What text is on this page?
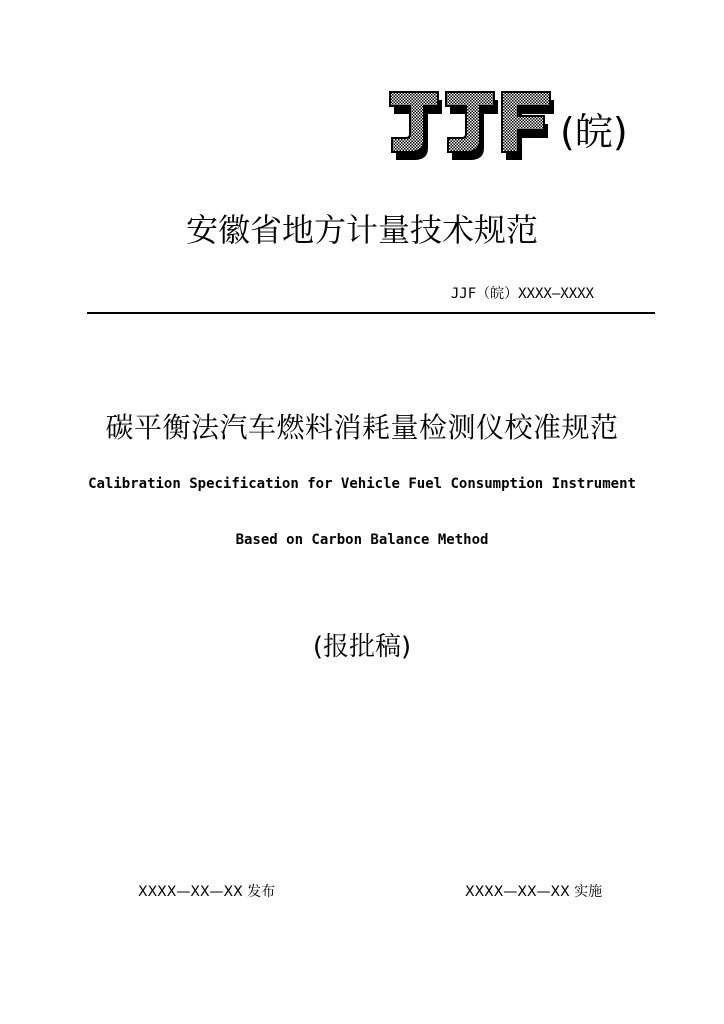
(皖)
安徽省地方计量技术规范
JJF（皖）XXXX—XXXX
碳平衡法汽车燃料消耗量检测仪校准规范
Calibration Specification for Vehicle Fuel Consumption Instrument
Based on Carbon Balance Method
(报批稿)
XXXX—XX—XX 发布	XXXX—XX—XX 实施
